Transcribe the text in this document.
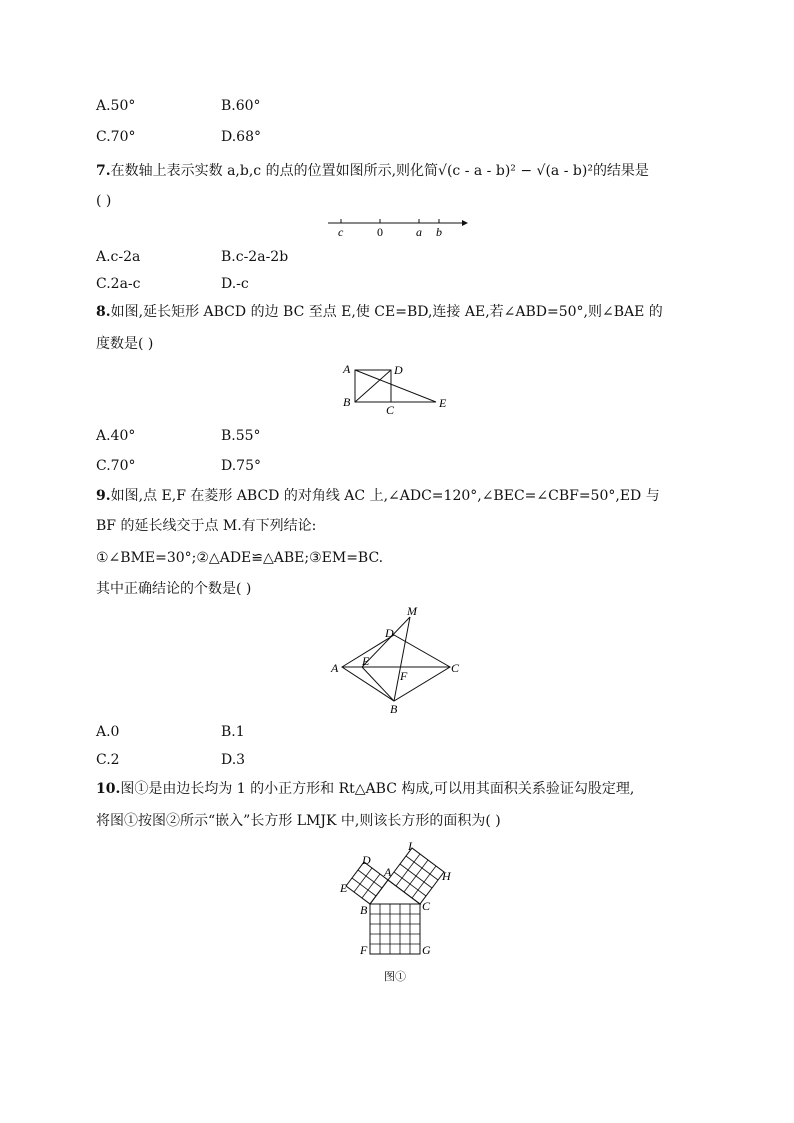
A.50°	B.60°
C.70°	D.68°
7.在数轴上表示实数 a,b,c 的点的位置如图所示,则化简√(c - a - b)² − √(a - b)²的结果是
( )
c	0	a b
A.c-2a	B.c-2a-2b
C.2a-c	D.-c
8.如图,延长矩形 ABCD 的边 BC 至点 E,使 CE=BD,连接 AE,若∠ABD=50°,则∠BAE 的
度数是( )
A	D
B
C	E
A.40°	B.55°
C.70°	D.75°
9.如图,点 E,F 在菱形 ABCD 的对角线 AC 上,∠ADC=120°,∠BEC=∠CBF=50°,ED 与
BF 的延长线交于点 M.有下列结论:
①∠BME=30°;②△ADE≌△ABE;③EM=BC.
其中正确结论的个数是( )
M
D
A E	C
F
B
A.0	B.1
C.2	D.3
10.图①是由边长均为 1 的小正方形和 Rt△ABC 构成,可以用其面积关系验证勾股定理,
将图①按图②所示“嵌入”长方形 LMJK 中,则该长方形的面积为( )
D
I
E
A	H
B	C
F	G
图①
